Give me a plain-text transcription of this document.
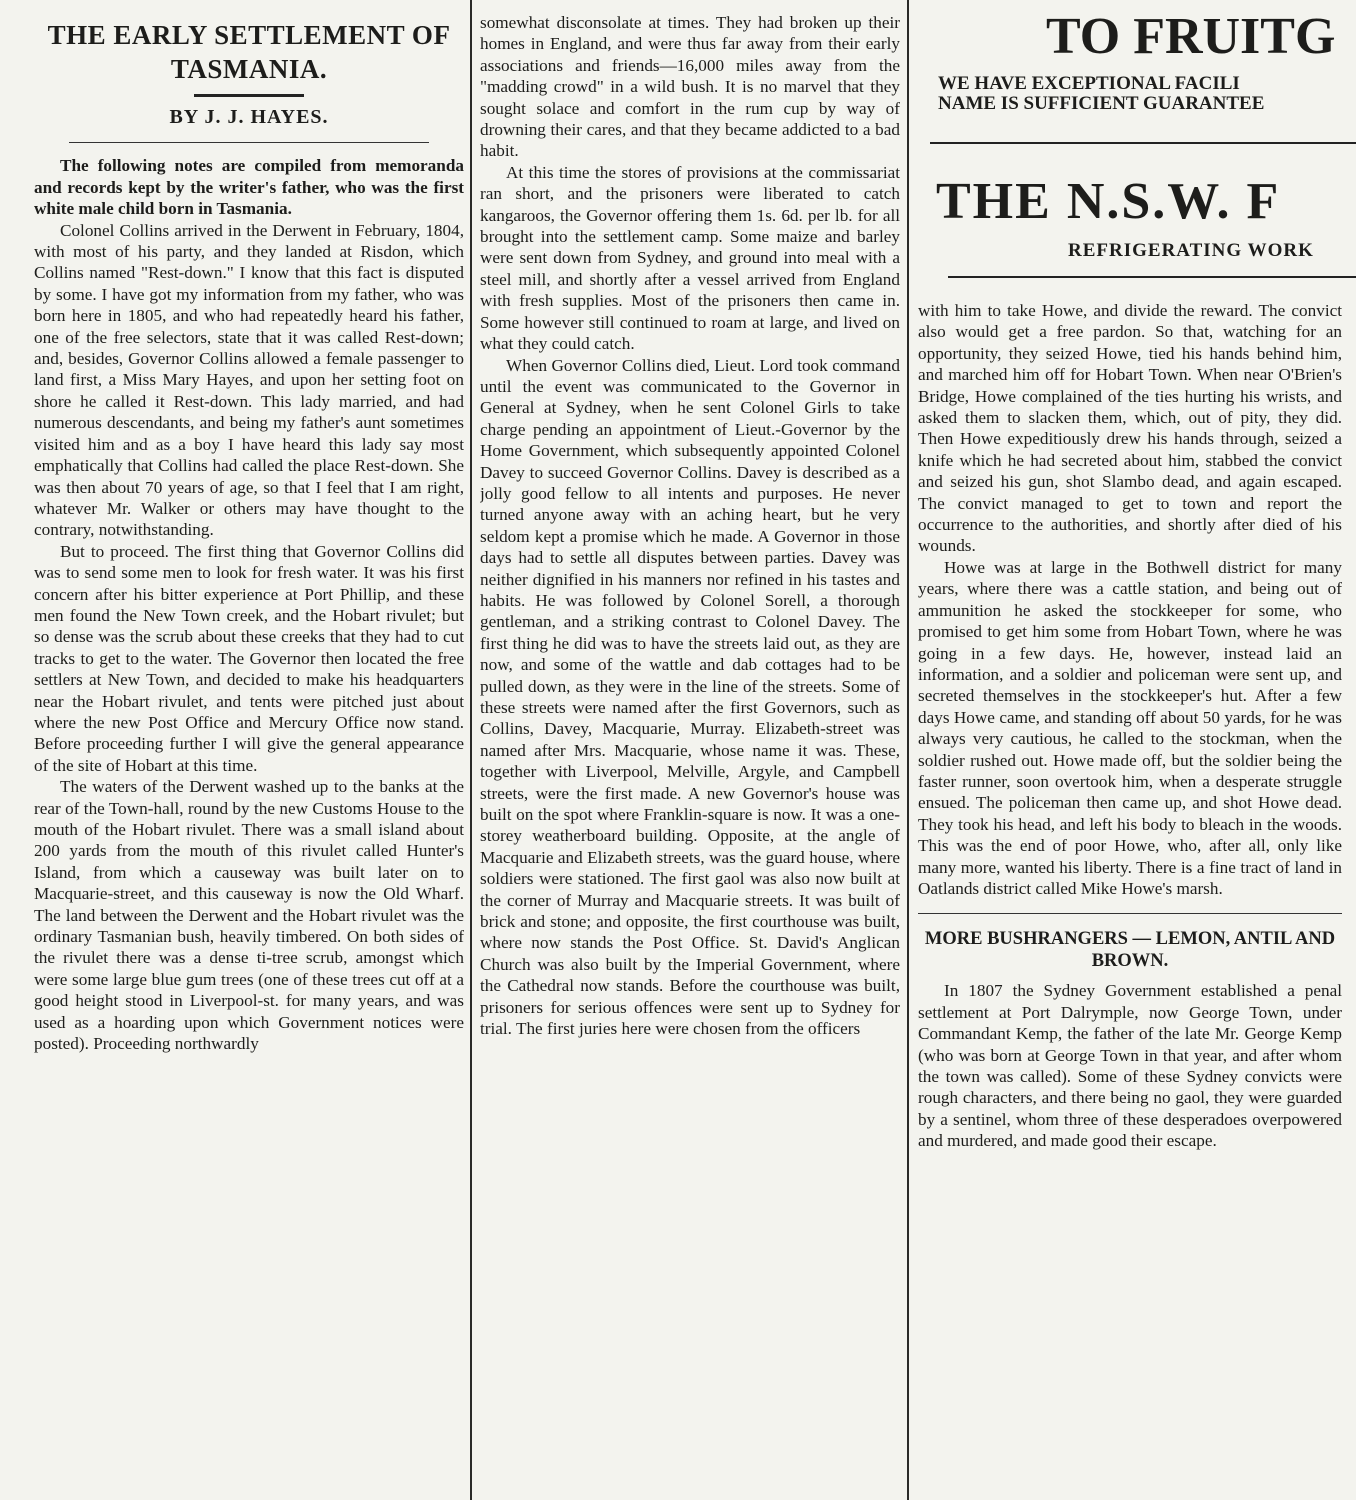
THE EARLY SETTLEMENT OF TASMANIA.
BY J. J. HAYES.

The following notes are compiled from memoranda and records kept by the writer's father, who was the first white male child born in Tasmania.

Colonel Collins arrived in the Derwent in February, 1804, with most of his party, and they landed at Risdon, which Collins named "Rest-down." I know that this fact is disputed by some. I have got my information from my father, who was born here in 1805, and who had repeatedly heard his father, one of the free selectors, state that it was called Rest-down; and, besides, Governor Collins allowed a female passenger to land first, a Miss Mary Hayes, and upon her setting foot on shore he called it Rest-down. This lady married, and had numerous descendants, and being my father's aunt sometimes visited him and as a boy I have heard this lady say most emphatically that Collins had called the place Rest-down. She was then about 70 years of age, so that I feel that I am right, whatever Mr. Walker or others may have thought to the contrary, notwithstanding.

But to proceed. The first thing that Governor Collins did was to send some men to look for fresh water. It was his first concern after his bitter experience at Port Phillip, and these men found the New Town creek, and the Hobart rivulet; but so dense was the scrub about these creeks that they had to cut tracks to get to the water. The Governor then located the free settlers at New Town, and decided to make his headquarters near the Hobart rivulet, and tents were pitched just about where the new Post Office and Mercury Office now stand. Before proceeding further I will give the general appearance of the site of Hobart at this time.

The waters of the Derwent washed up to the banks at the rear of the Town-hall, round by the new Customs House to the mouth of the Hobart rivulet. There was a small island about 200 yards from the mouth of this rivulet called Hunter's Island, from which a causeway was built later on to Macquarie-street, and this causeway is now the Old Wharf. The land between the Derwent and the Hobart rivulet was the ordinary Tasmanian bush, heavily timbered. On both sides of the rivulet there was a dense ti-tree scrub, amongst which were some large blue gum trees (one of these trees cut off at a good height stood in Liverpool-st. for many years, and was used as a hoarding upon which Government notices were posted). Proceeding northwardly

somewhat disconsolate at times. They had broken up their homes in England, and were thus far away from their early associations and friends—16,000 miles away from the "madding crowd" in a wild bush. It is no marvel that they sought solace and comfort in the rum cup by way of drowning their cares, and that they became addicted to a bad habit.

At this time the stores of provisions at the commissariat ran short, and the prisoners were liberated to catch kangaroos, the Governor offering them 1s. 6d. per lb. for all brought into the settlement camp. Some maize and barley were sent down from Sydney, and ground into meal with a steel mill, and shortly after a vessel arrived from England with fresh supplies. Most of the prisoners then came in. Some however still continued to roam at large, and lived on what they could catch.

When Governor Collins died, Lieut. Lord took command until the event was communicated to the Governor in General at Sydney, when he sent Colonel Girls to take charge pending an appointment of Lieut.-Governor by the Home Government, which subsequently appointed Colonel Davey to succeed Governor Collins. Davey is described as a jolly good fellow to all intents and purposes. He never turned anyone away with an aching heart, but he very seldom kept a promise which he made. A Governor in those days had to settle all disputes between parties. Davey was neither dignified in his manners nor refined in his tastes and habits. He was followed by Colonel Sorell, a thorough gentleman, and a striking contrast to Colonel Davey. The first thing he did was to have the streets laid out, as they are now, and some of the wattle and dab cottages had to be pulled down, as they were in the line of the streets. Some of these streets were named after the first Governors, such as Collins, Davey, Macquarie, Murray. Elizabeth-street was named after Mrs. Macquarie, whose name it was. These, together with Liverpool, Melville, Argyle, and Campbell streets, were the first made. A new Governor's house was built on the spot where Franklin-square is now. It was a one-storey weatherboard building. Opposite, at the angle of Macquarie and Elizabeth streets, was the guard house, where soldiers were stationed. The first gaol was also now built at the corner of Murray and Macquarie streets. It was built of brick and stone; and opposite, the first courthouse was built, where now stands the Post Office. St. David's Anglican Church was also built by the Imperial Government, where the Cathedral now stands. Before the courthouse was built, prisoners for serious offences were sent up to Sydney for trial. The first juries here were chosen from the officers

TO FRUITG
WE HAVE EXCEPTIONAL FACILI
NAME IS SUFFICIENT GUARANTEE
THE N.S.W. F
REFRIGERATING WORK

with him to take Howe, and divide the reward. The convict also would get a free pardon. So that, watching for an opportunity, they seized Howe, tied his hands behind him, and marched him off for Hobart Town. When near O'Brien's Bridge, Howe complained of the ties hurting his wrists, and asked them to slacken them, which, out of pity, they did. Then Howe expeditiously drew his hands through, seized a knife which he had secreted about him, stabbed the convict and seized his gun, shot Slambo dead, and again escaped. The convict managed to get to town and report the occurrence to the authorities, and shortly after died of his wounds.

Howe was at large in the Bothwell district for many years, where there was a cattle station, and being out of ammunition he asked the stockkeeper for some, who promised to get him some from Hobart Town, where he was going in a few days. He, however, instead laid an information, and a soldier and policeman were sent up, and secreted themselves in the stockkeeper's hut. After a few days Howe came, and standing off about 50 yards, for he was always very cautious, he called to the stockman, when the soldier rushed out. Howe made off, but the soldier being the faster runner, soon overtook him, when a desperate struggle ensued. The policeman then came up, and shot Howe dead. They took his head, and left his body to bleach in the woods. This was the end of poor Howe, who, after all, only like many more, wanted his liberty. There is a fine tract of land in Oatlands district called Mike Howe's marsh.

MORE BUSHRANGERS — LEMON, ANTIL AND BROWN.

In 1807 the Sydney Government established a penal settlement at Port Dalrymple, now George Town, under Commandant Kemp, the father of the late Mr. George Kemp (who was born at George Town in that year, and after whom the town was called). Some of these Sydney convicts were rough characters, and there being no gaol, they were guarded by a sentinel, whom three of these desperadoes overpowered and murdered, and made good their escape.
